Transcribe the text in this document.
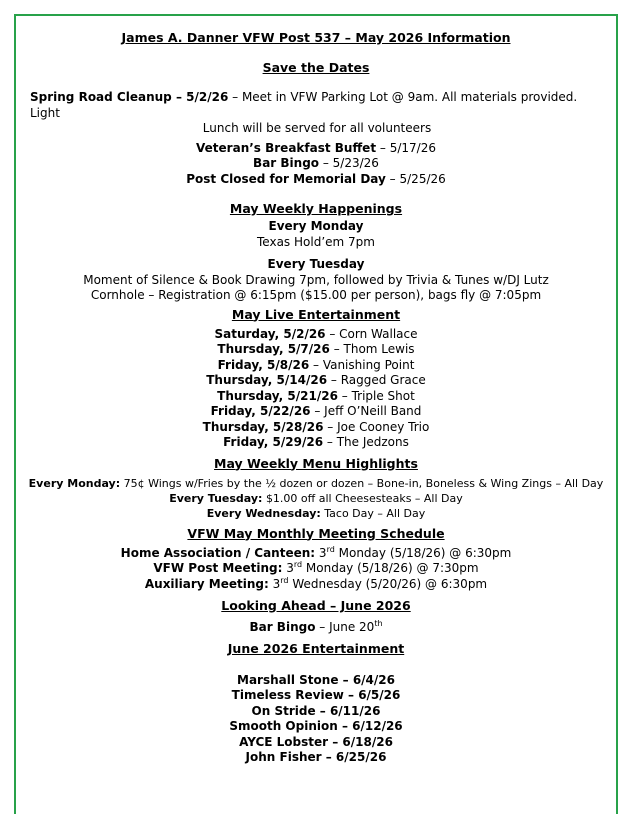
James A. Danner VFW Post 537 – May 2026 Information
Save the Dates
Spring Road Cleanup – 5/2/26 – Meet in VFW Parking Lot @ 9am. All materials provided. Light
Lunch will be served for all volunteers
Veteran’s Breakfast Buffet – 5/17/26
Bar Bingo – 5/23/26
Post Closed for Memorial Day – 5/25/26
May Weekly Happenings
Every Monday
Texas Hold’em 7pm
Every Tuesday
Moment of Silence & Book Drawing 7pm, followed by Trivia & Tunes w/DJ Lutz
Cornhole – Registration @ 6:15pm ($15.00 per person), bags fly @ 7:05pm
May Live Entertainment
Saturday, 5/2/26 – Corn Wallace
Thursday, 5/7/26 – Thom Lewis
Friday, 5/8/26 – Vanishing Point
Thursday, 5/14/26 – Ragged Grace
Thursday, 5/21/26 – Triple Shot
Friday, 5/22/26 – Jeff O’Neill Band
Thursday, 5/28/26 – Joe Cooney Trio
Friday, 5/29/26 – The Jedzons
May Weekly Menu Highlights
Every Monday: 75¢ Wings w/Fries by the ½ dozen or dozen – Bone-in, Boneless & Wing Zings – All Day
Every Tuesday: $1.00 off all Cheesesteaks – All Day
Every Wednesday: Taco Day – All Day
VFW May Monthly Meeting Schedule
Home Association / Canteen: 3rd Monday (5/18/26) @ 6:30pm
VFW Post Meeting: 3rd Monday (5/18/26) @ 7:30pm
Auxiliary Meeting: 3rd Wednesday (5/20/26) @ 6:30pm
Looking Ahead – June 2026
Bar Bingo – June 20th
June 2026 Entertainment
Marshall Stone – 6/4/26
Timeless Review – 6/5/26
On Stride – 6/11/26
Smooth Opinion – 6/12/26
AYCE Lobster – 6/18/26
John Fisher – 6/25/26
